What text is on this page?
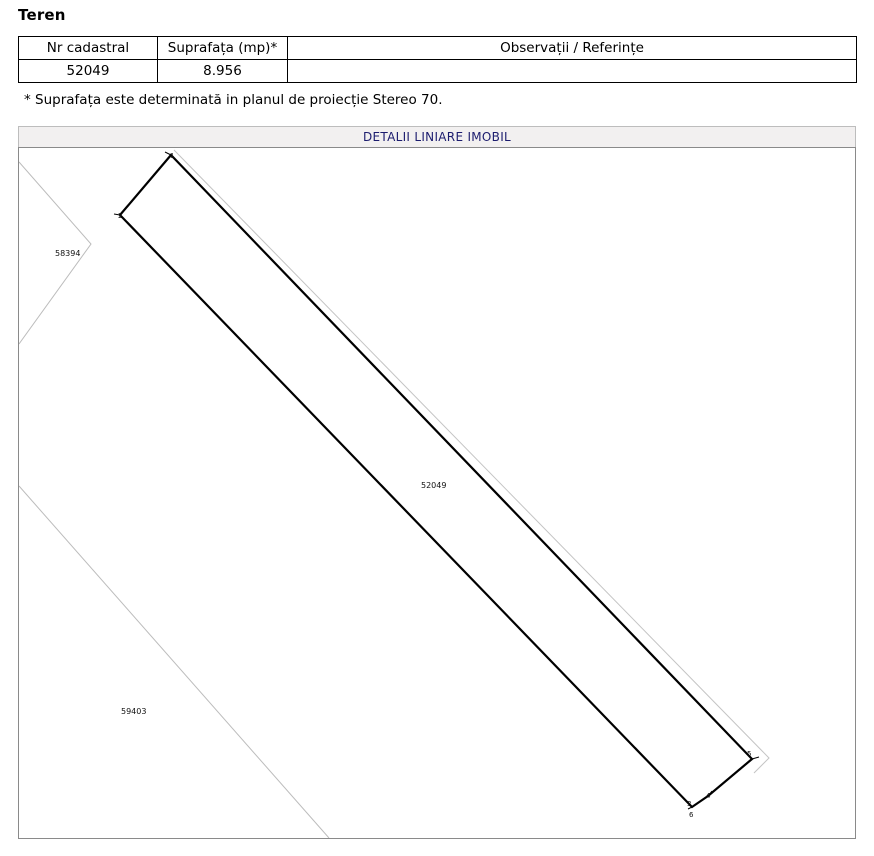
Teren
Nr cadastral	Suprafața (mp)*	Observații / Referințe
52049	8.956	
* Suprafața este determinată in planul de proiecție Stereo 70.
DETALII LINIARE IMOBIL
58394
59403
52049
1
2
5
4
3
6
